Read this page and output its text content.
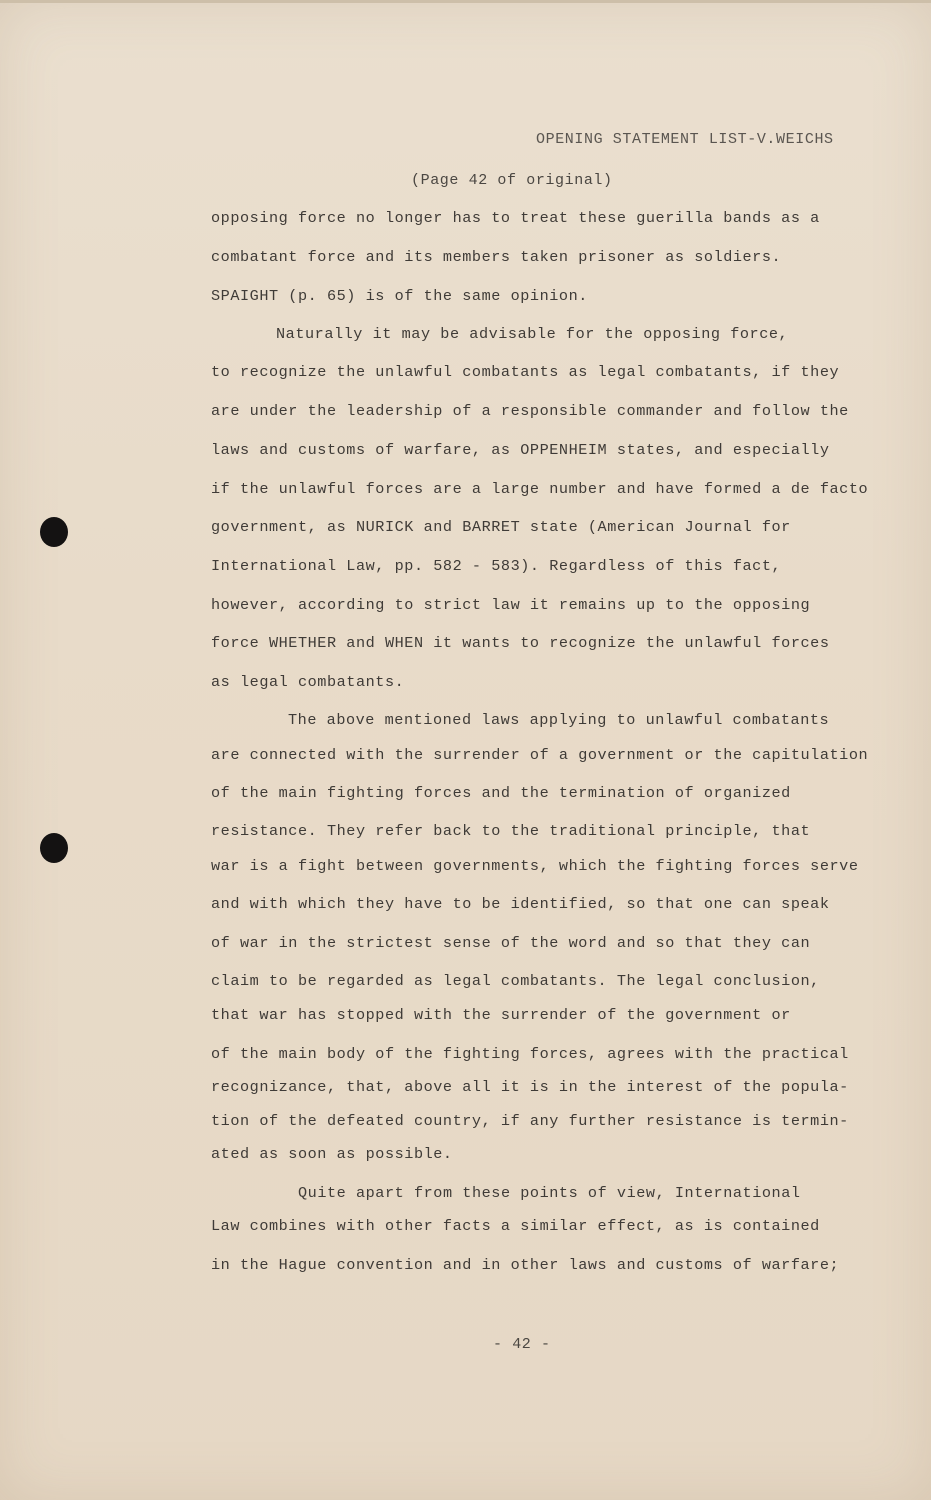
OPENING STATEMENT LIST-V.WEICHS
(Page 42 of original)
opposing force no longer has to treat these guerilla bands as a
combatant force and its members taken prisoner as soldiers.
SPAIGHT (p. 65) is of the same opinion.
Naturally it may be advisable for the opposing force,
to recognize the unlawful combatants as legal combatants, if they
are under the leadership of a responsible commander and follow the
laws and customs of warfare, as OPPENHEIM states, and especially
if the unlawful forces are a large number and have formed a de facto
government, as NURICK and BARRET state (American Journal for
International Law, pp. 582 - 583). Regardless of this fact,
however, according to strict law it remains up to the opposing
force WHETHER and WHEN it wants to recognize the unlawful forces
as legal combatants.
The above mentioned laws applying to unlawful combatants
are connected with the surrender of a government or the capitulation
of the main fighting forces and the termination of organized
resistance. They refer back to the traditional principle, that
war is a fight between governments, which the fighting forces serve
and with which they have to be identified, so that one can speak
of war in the strictest sense of the word and so that they can
claim to be regarded as legal combatants. The legal conclusion,
that war has stopped with the surrender of the government or
of the main body of the fighting forces, agrees with the practical
recognizance, that, above all it is in the interest of the popula-
tion of the defeated country, if any further resistance is termin-
ated as soon as possible.
Quite apart from these points of view, International
Law combines with other facts a similar effect, as is contained
in the Hague convention and in other laws and customs of warfare;
- 42 -
